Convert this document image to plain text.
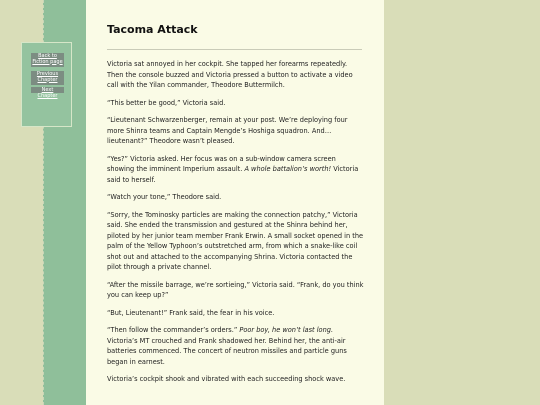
Back to Fiction page
Previous Chapter
Next Chapter
Tacoma Attack

Victoria sat annoyed in her cockpit. She tapped her forearms repeatedly. Then the console buzzed and Victoria pressed a button to activate a video call with the Yilan commander, Theodore Buttermilch.

“This better be good,” Victoria said.

“Lieutenant Schwarzenberger, remain at your post. We’re deploying four more Shinra teams and Captain Mengde’s Hoshiga squadron. And… lieutenant?” Theodore wasn’t pleased.

“Yes?” Victoria asked. Her focus was on a sub-window camera screen showing the imminent Imperium assault. A whole battalion’s worth! Victoria said to herself.

“Watch your tone,” Theodore said.

“Sorry, the Tominosky particles are making the connection patchy,” Victoria said. She ended the transmission and gestured at the Shinra behind her, piloted by her junior team member Frank Erwin. A small socket opened in the palm of the Yellow Typhoon’s outstretched arm, from which a snake-like coil shot out and attached to the accompanying Shrina. Victoria contacted the pilot through a private channel.

“After the missile barrage, we’re sortieing,” Victoria said. “Frank, do you think you can keep up?”

“But, Lieutenant!” Frank said, the fear in his voice.

“Then follow the commander’s orders.” Poor boy, he won’t last long. Victoria’s MT crouched and Frank shadowed her. Behind her, the anti-air batteries commenced. The concert of neutron missiles and particle guns began in earnest.

Victoria’s cockpit shook and vibrated with each succeeding shock wave.
